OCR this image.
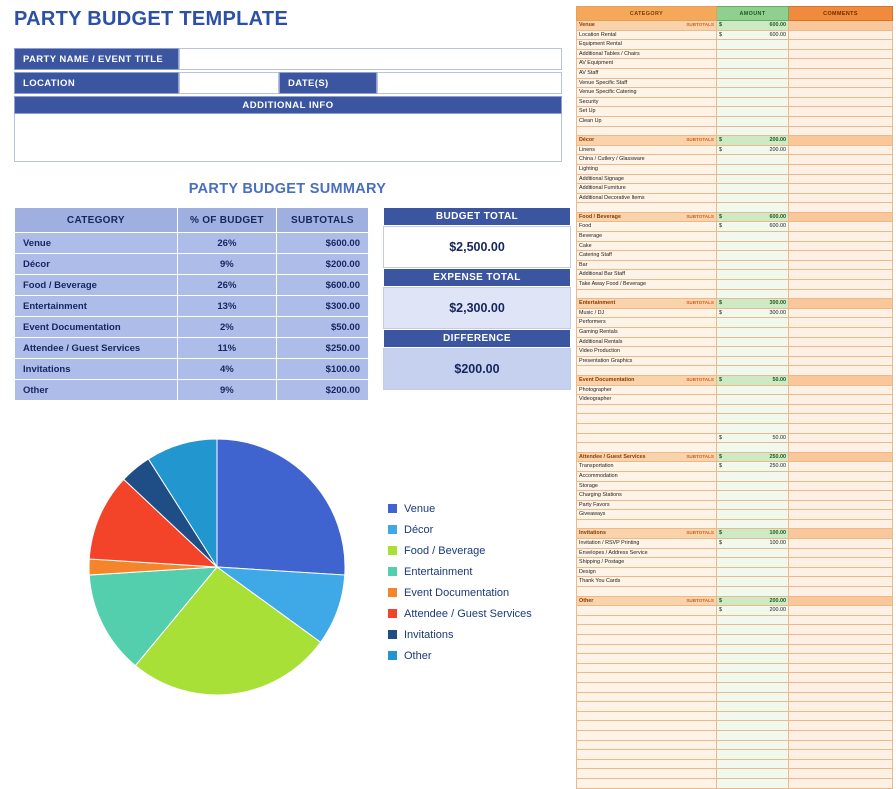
PARTY BUDGET TEMPLATE
PARTY NAME / EVENT TITLE
LOCATION	DATE(S)
ADDITIONAL INFO
PARTY BUDGET SUMMARY
CATEGORY	% OF BUDGET	SUBTOTALS
Venue	26%	$600.00
Décor	9%	$200.00
Food / Beverage	26%	$600.00
Entertainment	13%	$300.00
Event Documentation	2%	$50.00
Attendee / Guest Services	11%	$250.00
Invitations	4%	$100.00
Other	9%	$200.00
BUDGET TOTAL
$2,500.00
EXPENSE TOTAL
$2,300.00
DIFFERENCE
$200.00
Venue
Décor
Food / Beverage
Entertainment
Event Documentation
Attendee / Guest Services
Invitations
Other
CATEGORY	AMOUNT	COMMENTS
Venue SUBTOTALS	$ 600.00	
Location Rental	$ 600.00	
Equipment Rental		
Additional Tables / Chairs		
AV Equipment		
AV Staff		
Venue Specific Staff		
Venue Specific Catering		
Security		
Set Up		
Clean Up		

Décor SUBTOTALS	$ 200.00	
Linens	$ 200.00	
China / Cutlery / Glassware		
Lighting		
Additional Signage		
Additional Furniture		
Additional Decorative Items		

Food / Beverage SUBTOTALS	$ 600.00	
Food	$ 600.00	
Beverage		
Cake		
Catering Staff		
Bar		
Additional Bar Staff		
Take Away Food / Beverage		

Entertainment SUBTOTALS	$ 300.00	
Music / DJ	$ 300.00	
Performers		
Gaming Rentals		
Additional Rentals		
Video Production		
Presentation Graphics		

Event Documentation SUBTOTALS	$ 50.00	
Photographer		
Videographer		

	$ 50.00	

Attendee / Guest Services SUBTOTALS	$ 250.00	
Transportation	$ 250.00	
Accommodation		
Storage		
Charging Stations		
Party Favors		
Giveaways		

Invitations SUBTOTALS	$ 100.00	
Invitation / RSVP Printing	$ 100.00	
Envelopes / Address Service		
Shipping / Postage		
Design		
Thank You Cards		

Other SUBTOTALS	$ 200.00	

	$ 200.00	
